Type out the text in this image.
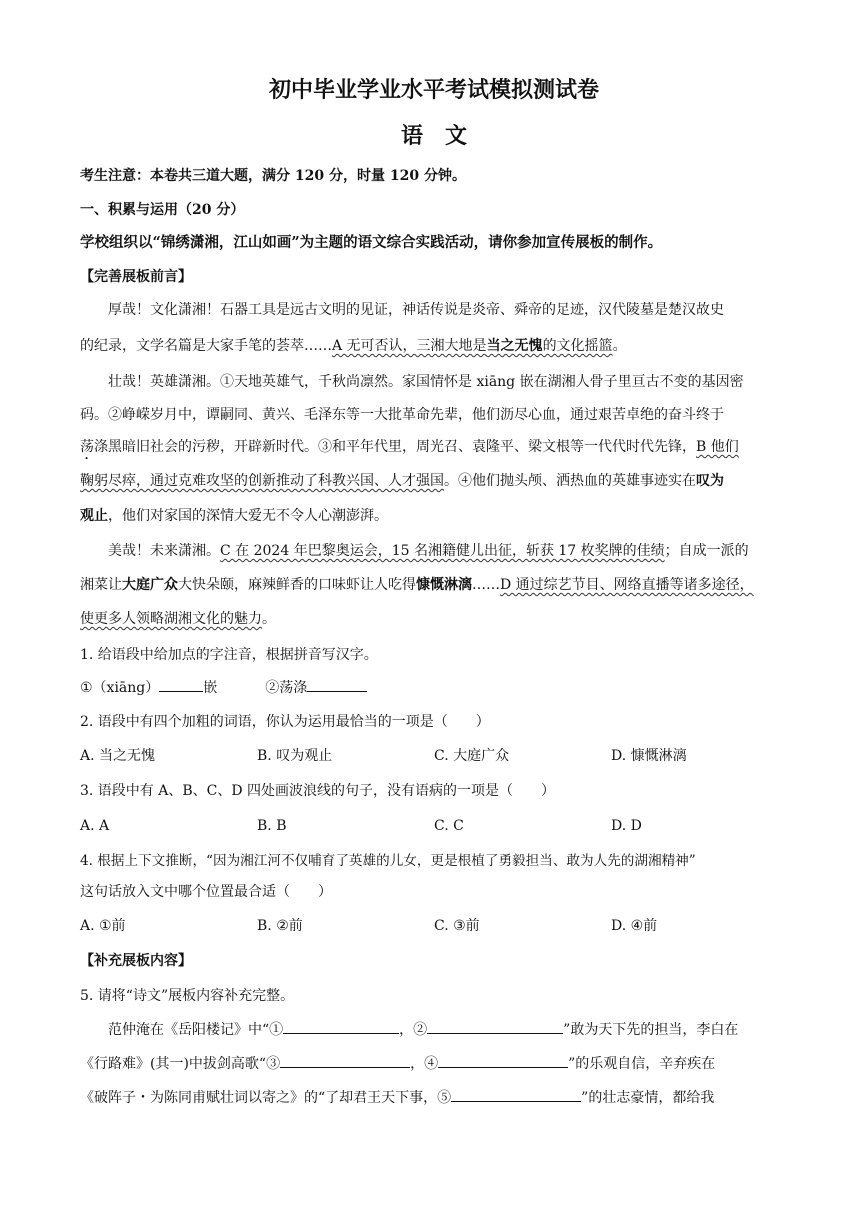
初中毕业学业水平考试模拟测试卷
语　文
考生注意：本卷共三道大题，满分 120 分，时量 120 分钟。
一、积累与运用（20 分）
学校组织以“锦绣潇湘，江山如画”为主题的语文综合实践活动，请你参加宣传展板的制作。
【完善展板前言】
厚哉！文化潇湘！石器工具是远古文明的见证，神话传说是炎帝、舜帝的足迹，汉代陵墓是楚汉故史
的纪录，文学名篇是大家手笔的荟萃……A 无可否认，三湘大地是当之无愧的文化摇篮。
壮哉！英雄潇湘。①天地英雄气，千秋尚凛然。家国情怀是 xiāng 嵌在湖湘人骨子里亘古不变的基因密
码。②峥嵘岁月中，谭嗣同、黄兴、毛泽东等一大批革命先辈，他们沥尽心血，通过艰苦卓绝的奋斗终于
荡涤黑暗旧社会的污秽，开辟新时代。③和平年代里，周光召、袁隆平、梁文根等一代代时代先锋，B 他们
鞠躬尽瘁，通过克难攻坚的创新推动了科教兴国、人才强国。④他们抛头颅、洒热血的英雄事迹实在叹为
观止，他们对家国的深情大爱无不令人心潮澎湃。
美哉！未来潇湘。C 在 2024 年巴黎奥运会，15 名湘籍健儿出征，斩获 17 枚奖牌的佳绩；自成一派的
湘菜让大庭广众大快朵颐，麻辣鲜香的口味虾让人吃得慷慨淋漓……D 通过综艺节目、网络直播等诸多途径，
使更多人领略湖湘文化的魅力。
1. 给语段中给加点的字注音，根据拼音写汉字。
①（xiāng）	嵌	②荡涤
2. 语段中有四个加粗的词语，你认为运用最恰当的一项是（　　）
A. 当之无愧	B. 叹为观止	C. 大庭广众	D. 慷慨淋漓
3. 语段中有 A、B、C、D 四处画波浪线的句子，没有语病的一项是（　　）
A. A	B. B	C. C	D. D
4. 根据上下文推断，“因为湘江河不仅哺育了英雄的儿女，更是根植了勇毅担当、敢为人先的湖湘精神”
这句话放入文中哪个位置最合适（　　）
A. ①前	B. ②前	C. ③前	D. ④前
【补充展板内容】
5. 请将“诗文”展板内容补充完整。
范仲淹在《岳阳楼记》中“①	，②	”敢为天下先的担当，李白在
《行路难》(其一)中拔剑高歌“③	，④	”的乐观自信，辛弃疾在
《破阵子・为陈同甫赋壮词以寄之》的“了却君王天下事，⑤	”的壮志豪情，都给我
